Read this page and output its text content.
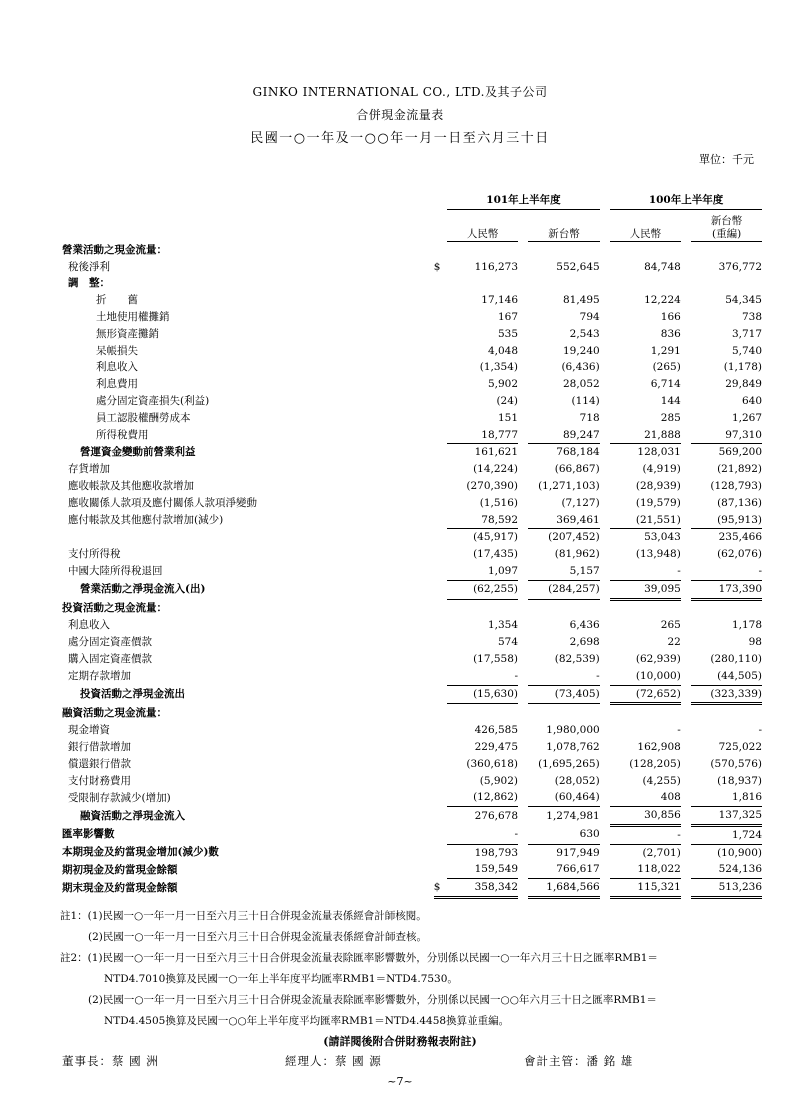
GINKO INTERNATIONAL CO., LTD.及其子公司
合併現金流量表
民國一○一年及一○○年一月一日至六月三十日
單位：千元
		101年上半年度				100年上半年度		
		人民幣		新台幣		人民幣		新台幣
(重編)
營業活動之現金流量：								
稅後淨利	$	116,273		552,645		84,748		376,772
調　整：								
折　　舊		17,146		81,495		12,224		54,345
土地使用權攤銷		167		794		166		738
無形資產攤銷		535		2,543		836		3,717
呆帳損失		4,048		19,240		1,291		5,740
利息收入		(1,354)		(6,436)		(265)		(1,178)
利息費用		5,902		28,052		6,714		29,849
處分固定資產損失(利益)		(24)		(114)		144		640
員工認股權酬勞成本		151		718		285		1,267
所得稅費用		18,777		89,247		21,888		97,310
營運資金變動前營業利益		161,621		768,184		128,031		569,200
存貨增加		(14,224)		(66,867)		(4,919)		(21,892)
應收帳款及其他應收款增加		(270,390)		(1,271,103)		(28,939)		(128,793)
應收關係人款項及應付關係人款項淨變動		(1,516)		(7,127)		(19,579)		(87,136)
應付帳款及其他應付款增加(減少)		78,592		369,461		(21,551)		(95,913)
		(45,917)		(207,452)		53,043		235,466
支付所得稅		(17,435)		(81,962)		(13,948)		(62,076)
中國大陸所得稅退回		1,097		5,157		-		-
營業活動之淨現金流入(出)		(62,255)		(284,257)		39,095		173,390
投資活動之現金流量：								
利息收入		1,354		6,436		265		1,178
處分固定資產價款		574		2,698		22		98
購入固定資產價款		(17,558)		(82,539)		(62,939)		(280,110)
定期存款增加		-		-		(10,000)		(44,505)
投資活動之淨現金流出		(15,630)		(73,405)		(72,652)		(323,339)
融資活動之現金流量：								
現金增資		426,585		1,980,000		-		-
銀行借款增加		229,475		1,078,762		162,908		725,022
償還銀行借款		(360,618)		(1,695,265)		(128,205)		(570,576)
支付財務費用		(5,902)		(28,052)		(4,255)		(18,937)
受限制存款減少(增加)		(12,862)		(60,464)		408		1,816
融資活動之淨現金流入		276,678		1,274,981		30,856		137,325
匯率影響數		-		630		-		1,724
本期現金及約當現金增加(減少)數		198,793		917,949		(2,701)		(10,900)
期初現金及約當現金餘額		159,549		766,617		118,022		524,136
期末現金及約當現金餘額	$	358,342		1,684,566		115,321		513,236
註1：(1)民國一○一年一月一日至六月三十日合併現金流量表係經會計師核閱。
(2)民國一○一年一月一日至六月三十日合併現金流量表係經會計師查核。
註2：(1)民國一○一年一月一日至六月三十日合併現金流量表除匯率影響數外，分別係以民國一○一年六月三十日之匯率RMB1＝
NTD4.7010換算及民國一○一年上半年度平均匯率RMB1＝NTD4.7530。
(2)民國一○一年一月一日至六月三十日合併現金流量表除匯率影響數外，分別係以民國一○○年六月三十日之匯率RMB1＝
NTD4.4505換算及民國一○○年上半年度平均匯率RMB1＝NTD4.4458換算並重編。
(請詳閱後附合併財務報表附註)
董事長：蔡 國 洲	經理人：蔡 國 源	會計主管：潘 銘 雄
~7~
